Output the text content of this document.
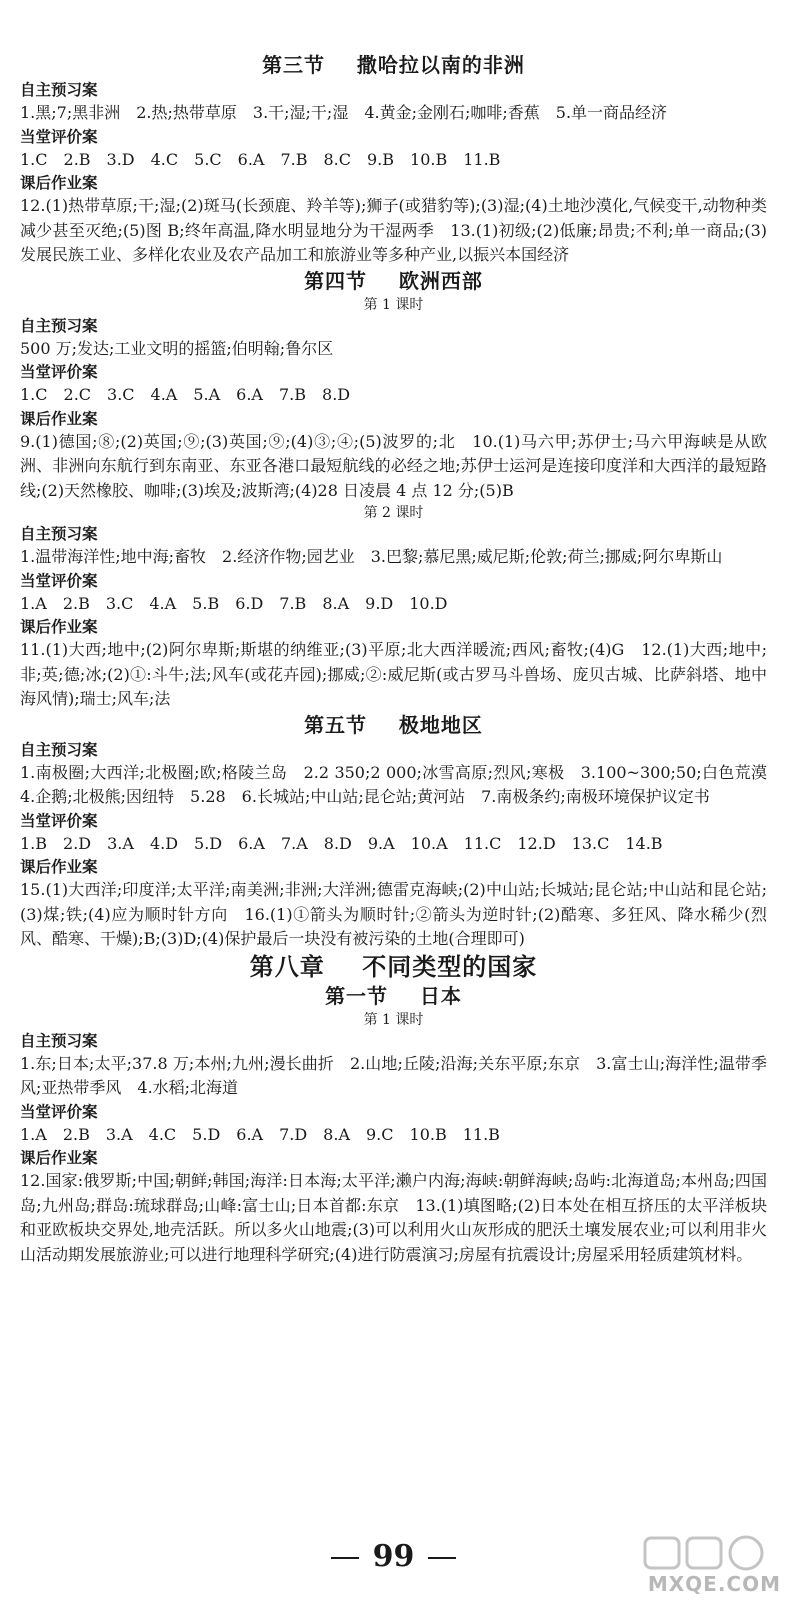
第三节 撒哈拉以南的非洲
自主预习案
1.黑;7;黑非洲　2.热;热带草原　3.干;湿;干;湿　4.黄金;金刚石;咖啡;香蕉　5.单一商品经济
当堂评价案
1.C　2.B　3.D　4.C　5.C　6.A　7.B　8.C　9.B　10.B　11.B
课后作业案
12.(1)热带草原;干;湿;(2)斑马(长颈鹿、羚羊等);狮子(或猎豹等);(3)湿;(4)土地沙漠化,气候变干,动物种类减少甚至灭绝;(5)图 B;终年高温,降水明显地分为干湿两季　13.(1)初级;(2)低廉;昂贵;不利;单一商品;(3)发展民族工业、多样化农业及农产品加工和旅游业等多种产业,以振兴本国经济
第四节 欧洲西部
第 1 课时
自主预习案
500 万;发达;工业文明的摇篮;伯明翰;鲁尔区
当堂评价案
1.C　2.C　3.C　4.A　5.A　6.A　7.B　8.D
课后作业案
9.(1)德国;⑧;(2)英国;⑨;(3)英国;⑨;(4)③;④;(5)波罗的;北　10.(1)马六甲;苏伊士;马六甲海峡是从欧洲、非洲向东航行到东南亚、东亚各港口最短航线的必经之地;苏伊士运河是连接印度洋和大西洋的最短路线;(2)天然橡胶、咖啡;(3)埃及;波斯湾;(4)28 日凌晨 4 点 12 分;(5)B
第 2 课时
自主预习案
1.温带海洋性;地中海;畜牧　2.经济作物;园艺业　3.巴黎;慕尼黑;威尼斯;伦敦;荷兰;挪威;阿尔卑斯山
当堂评价案
1.A　2.B　3.C　4.A　5.B　6.D　7.B　8.A　9.D　10.D
课后作业案
11.(1)大西;地中;(2)阿尔卑斯;斯堪的纳维亚;(3)平原;北大西洋暖流;西风;畜牧;(4)G　12.(1)大西;地中;非;英;德;冰;(2)①:斗牛;法;风车(或花卉园);挪威;②:威尼斯(或古罗马斗兽场、庞贝古城、比萨斜塔、地中海风情);瑞士;风车;法
第五节 极地地区
自主预习案
1.南极圈;大西洋;北极圈;欧;格陵兰岛　2.2 350;2 000;冰雪高原;烈风;寒极　3.100~300;50;白色荒漠　4.企鹅;北极熊;因纽特　5.28　6.长城站;中山站;昆仑站;黄河站　7.南极条约;南极环境保护议定书
当堂评价案
1.B　2.D　3.A　4.D　5.D　6.A　7.A　8.D　9.A　10.A　11.C　12.D　13.C　14.B
课后作业案
15.(1)大西洋;印度洋;太平洋;南美洲;非洲;大洋洲;德雷克海峡;(2)中山站;长城站;昆仑站;中山站和昆仑站;(3)煤;铁;(4)应为顺时针方向　16.(1)①箭头为顺时针;②箭头为逆时针;(2)酷寒、多狂风、降水稀少(烈风、酷寒、干燥);B;(3)D;(4)保护最后一块没有被污染的土地(合理即可)
第八章 不同类型的国家
第一节 日本
第 1 课时
自主预习案
1.东;日本;太平;37.8 万;本州;九州;漫长曲折　2.山地;丘陵;沿海;关东平原;东京　3.富士山;海洋性;温带季风;亚热带季风　4.水稻;北海道
当堂评价案
1.A　2.B　3.A　4.C　5.D　6.A　7.D　8.A　9.C　10.B　11.B
课后作业案
12.国家:俄罗斯;中国;朝鲜;韩国;海洋:日本海;太平洋;濑户内海;海峡:朝鲜海峡;岛屿:北海道岛;本州岛;四国岛;九州岛;群岛:琉球群岛;山峰:富士山;日本首都:东京　13.(1)填图略;(2)日本处在相互挤压的太平洋板块和亚欧板块交界处,地壳活跃。所以多火山地震;(3)可以利用火山灰形成的肥沃土壤发展农业;可以利用非火山活动期发展旅游业;可以进行地理科学研究;(4)进行防震演习;房屋有抗震设计;房屋采用轻质建筑材料。
99
MXQE.COM
